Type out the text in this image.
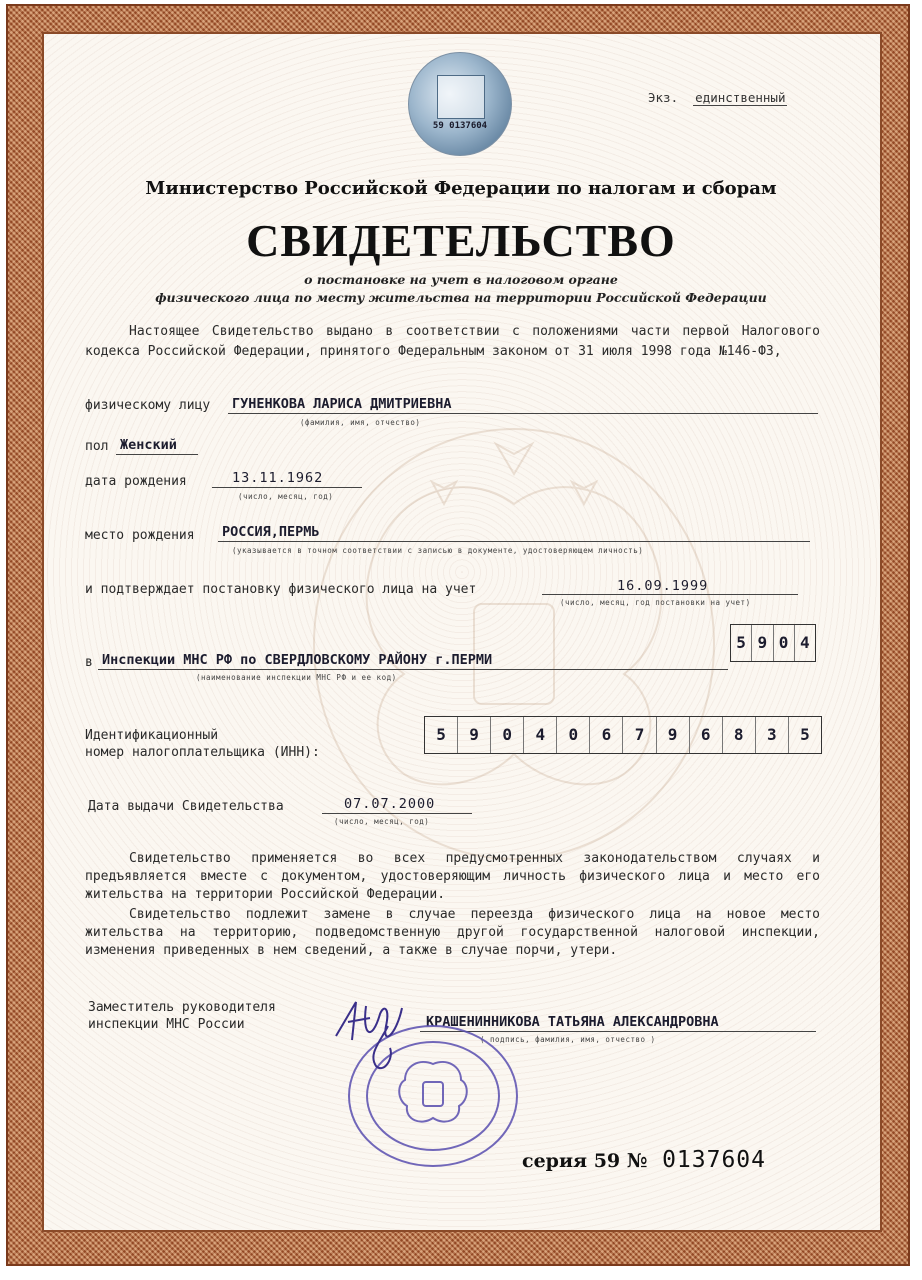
59 0137604
Экз. единственный
Министерство Российской Федерации по налогам и сборам
СВИДЕТЕЛЬСТВО
о постановке на учет в налоговом органе
физического лица по месту жительства на территории Российской Федерации
Настоящее Свидетельство выдано в соответствии с положениями части первой Налогового кодекса Российской Федерации, принятого Федеральным законом от 31 июля 1998 года №146-ФЗ,
физическому лицу ГУНЕНКОВА ЛАРИСА ДМИТРИЕВНА
(фамилия, имя, отчество)
пол Женский
дата рождения	13.11.1962
(число, месяц, год)
место рождения РОССИЯ,ПЕРМЬ
(указывается в точном соответствии с записью в документе, удостоверяющем личность)
и подтверждает постановку физического лица на учет	16.09.1999
(число, месяц, год постановки на учет)
в Инспекции МНС РФ по СВЕРДЛОВСКОМУ РАЙОНУ г.ПЕРМИ
(наименование инспекции МНС РФ и ее код)
5 9 0 4
Идентификационный
номер налогоплательщика (ИНН):
5	9	0	4	0	6	7	9	6	8	3	5
Дата выдачи Свидетельства	07.07.2000
(число, месяц, год)
Свидетельство применяется во всех предусмотренных законодательством случаях и предъявляется вместе с документом, удостоверяющим личность физического лица и место его жительства на территории Российской Федерации.
Свидетельство подлежит замене в случае переезда физического лица на новое место жительства на территорию, подведомственную другой государственной налоговой инспекции, изменения приведенных в нем сведений, а также в случае порчи, утери.
Заместитель руководителя
инспекции МНС России	КРАШЕНИННИКОВА ТАТЬЯНА АЛЕКСАНДРОВНА
( подпись, фамилия, имя, отчество )
серия 59 № 0137604
